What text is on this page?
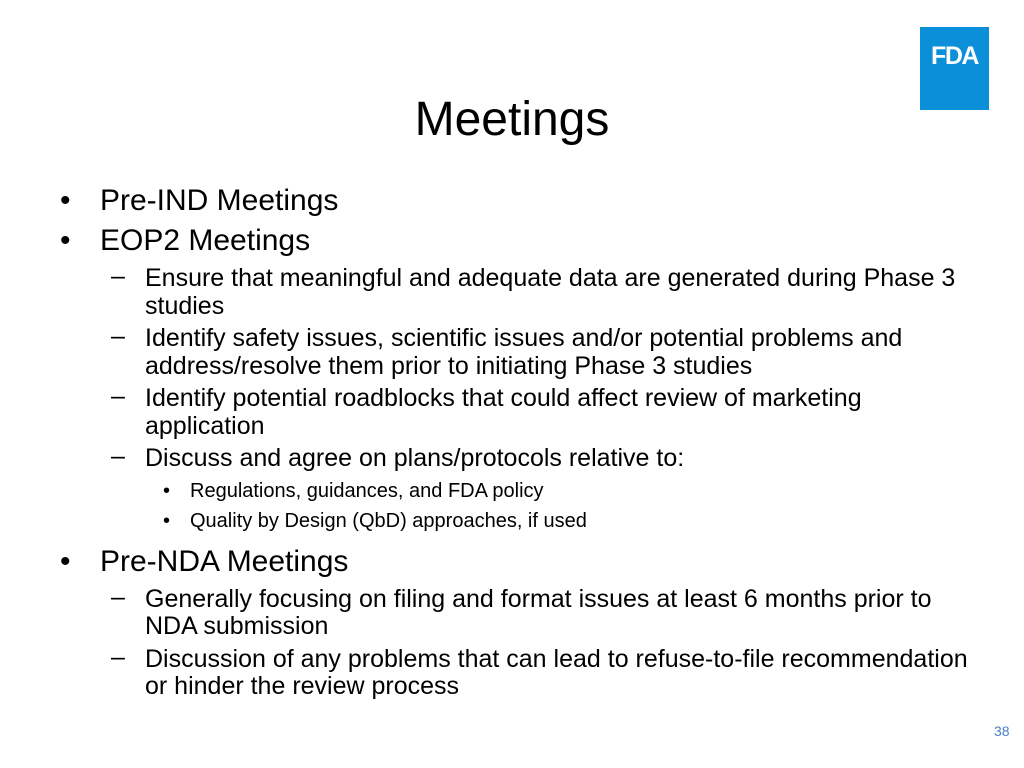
FDA
Meetings
• Pre-IND Meetings
• EOP2 Meetings
– Ensure that meaningful and adequate data are generated during Phase 3 studies
– Identify safety issues, scientific issues and/or potential problems and address/resolve them prior to initiating Phase 3 studies
– Identify potential roadblocks that could affect review of marketing application
– Discuss and agree on plans/protocols relative to:
• Regulations, guidances, and FDA policy
• Quality by Design (QbD) approaches, if used
• Pre-NDA Meetings
– Generally focusing on filing and format issues at least 6 months prior to NDA submission
– Discussion of any problems that can lead to refuse-to-file recommendation or hinder the review process
38
